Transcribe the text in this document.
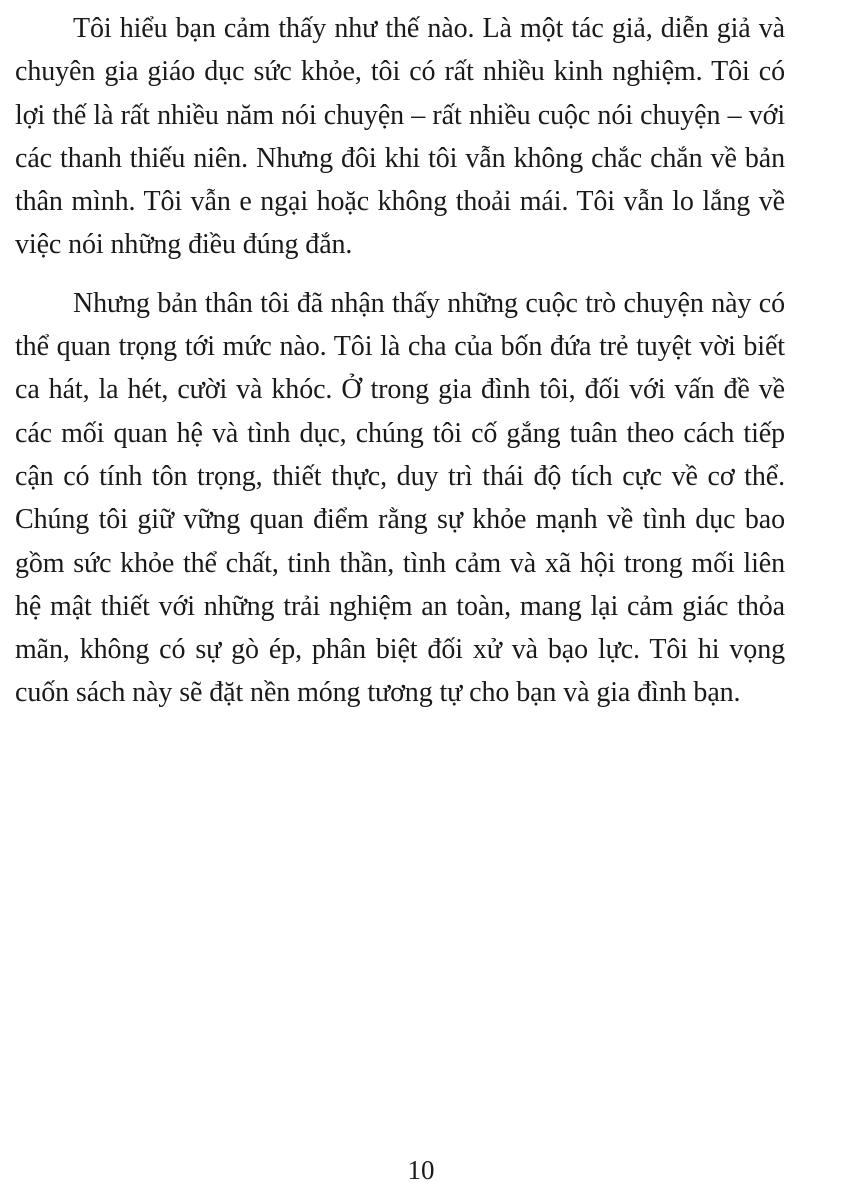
Tôi hiểu bạn cảm thấy như thế nào. Là một tác giả, diễn giả và chuyên gia giáo dục sức khỏe, tôi có rất nhiều kinh nghiệm. Tôi có lợi thế là rất nhiều năm nói chuyện – rất nhiều cuộc nói chuyện – với các thanh thiếu niên. Nhưng đôi khi tôi vẫn không chắc chắn về bản thân mình. Tôi vẫn e ngại hoặc không thoải mái. Tôi vẫn lo lắng về việc nói những điều đúng đắn.

Nhưng bản thân tôi đã nhận thấy những cuộc trò chuyện này có thể quan trọng tới mức nào. Tôi là cha của bốn đứa trẻ tuyệt vời biết ca hát, la hét, cười và khóc. Ở trong gia đình tôi, đối với vấn đề về các mối quan hệ và tình dục, chúng tôi cố gắng tuân theo cách tiếp cận có tính tôn trọng, thiết thực, duy trì thái độ tích cực về cơ thể. Chúng tôi giữ vững quan điểm rằng sự khỏe mạnh về tình dục bao gồm sức khỏe thể chất, tinh thần, tình cảm và xã hội trong mối liên hệ mật thiết với những trải nghiệm an toàn, mang lại cảm giác thỏa mãn, không có sự gò ép, phân biệt đối xử và bạo lực. Tôi hi vọng cuốn sách này sẽ đặt nền móng tương tự cho bạn và gia đình bạn.

10
